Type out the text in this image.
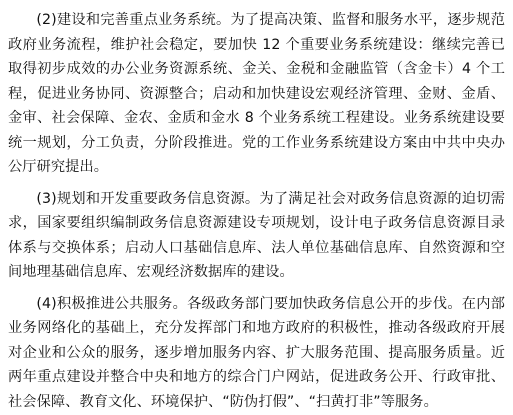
(2)建设和完善重点业务系统。为了提高决策、监督和服务水平，逐步规范政府业务流程，维护社会稳定，要加快 12 个重要业务系统建设：继续完善已取得初步成效的办公业务资源系统、金关、金税和金融监管（含金卡）4 个工程，促进业务协同、资源整合；启动和加快建设宏观经济管理、金财、金盾、金审、社会保障、金农、金质和金水 8 个业务系统工程建设。业务系统建设要统一规划，分工负责，分阶段推进。党的工作业务系统建设方案由中共中央办公厅研究提出。

(3)规划和开发重要政务信息资源。为了满足社会对政务信息资源的迫切需求，国家要组织编制政务信息资源建设专项规划，设计电子政务信息资源目录体系与交换体系；启动人口基础信息库、法人单位基础信息库、自然资源和空间地理基础信息库、宏观经济数据库的建设。

(4)积极推进公共服务。各级政务部门要加快政务信息公开的步伐。在内部业务网络化的基础上，充分发挥部门和地方政府的积极性，推动各级政府开展对企业和公众的服务，逐步增加服务内容、扩大服务范围、提高服务质量。近两年重点建设并整合中央和地方的综合门户网站，促进政务公开、行政审批、社会保障、教育文化、环境保护、“防伪打假”、“扫黄打非”等服务。
